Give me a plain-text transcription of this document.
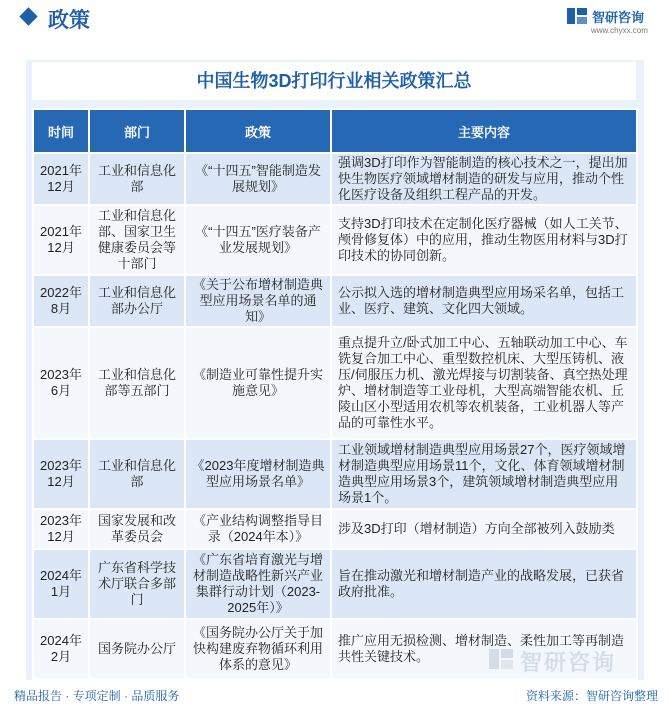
政策	智研咨询
www.chyxx.com
中国生物3D打印行业相关政策汇总
时间	部门	政策	主要内容
2021年12月	工业和信息化部	《“十四五”智能制造发展规划》	强调3D打印作为智能制造的核心技术之一，提出加快生物医疗领域增材制造的研发与应用，推动个性化医疗设备及组织工程产品的开发。
2021年12月	工业和信息化部、国家卫生健康委员会等十部门	《“十四五”医疗装备产业发展规划》	支持3D打印技术在定制化医疗器械（如人工关节、颅骨修复体）中的应用，推动生物医用材料与3D打印技术的协同创新。
2022年8月	工业和信息化部办公厅	《关于公布增材制造典型应用场景名单的通知》	公示拟入选的增材制造典型应用场采名单，包括工业、医疗、建筑、文化四大领域。
2023年6月	工业和信息化部等五部门	《制造业可靠性提升实施意见》	重点提升立/卧式加工中心、五轴联动加工中心、车铣复合加工中心、重型数控机床、大型压铸机、液压/伺服压力机、激光焊接与切割装备、真空热处理炉、增材制造等工业母机，大型高端智能农机、丘陵山区小型适用农机等农机装备，工业机器人等产品的可靠性水平。
2023年12月	工业和信息化部	《2023年度增材制造典型应用场景名单》	工业领域增材制造典型应用场景27个，医疗领域增材制造典型应用场景11个，文化、体育领域增材制造典型应用场景3个，建筑领域增材制造典型应用场景1个。
2023年12月	国家发展和改革委员会	《产业结构调整指导目录（2024年本）》	涉及3D打印（增材制造）方向全部被列入鼓励类
2024年1月	广东省科学技术厅联合多部门	《广东省培育激光与增材制造战略性新兴产业集群行动计划（2023-2025年）》	旨在推动激光和增材制造产业的战略发展，已获省政府批准。
2024年2月	国务院办公厅	《国务院办公厅关于加快构建废弃物循环利用体系的意见》	推广应用无损检测、增材制造、柔性加工等再制造共性关键技术。	智研咨询
精品报告 · 专项定制 · 品质服务	资料来源：智研咨询整理
